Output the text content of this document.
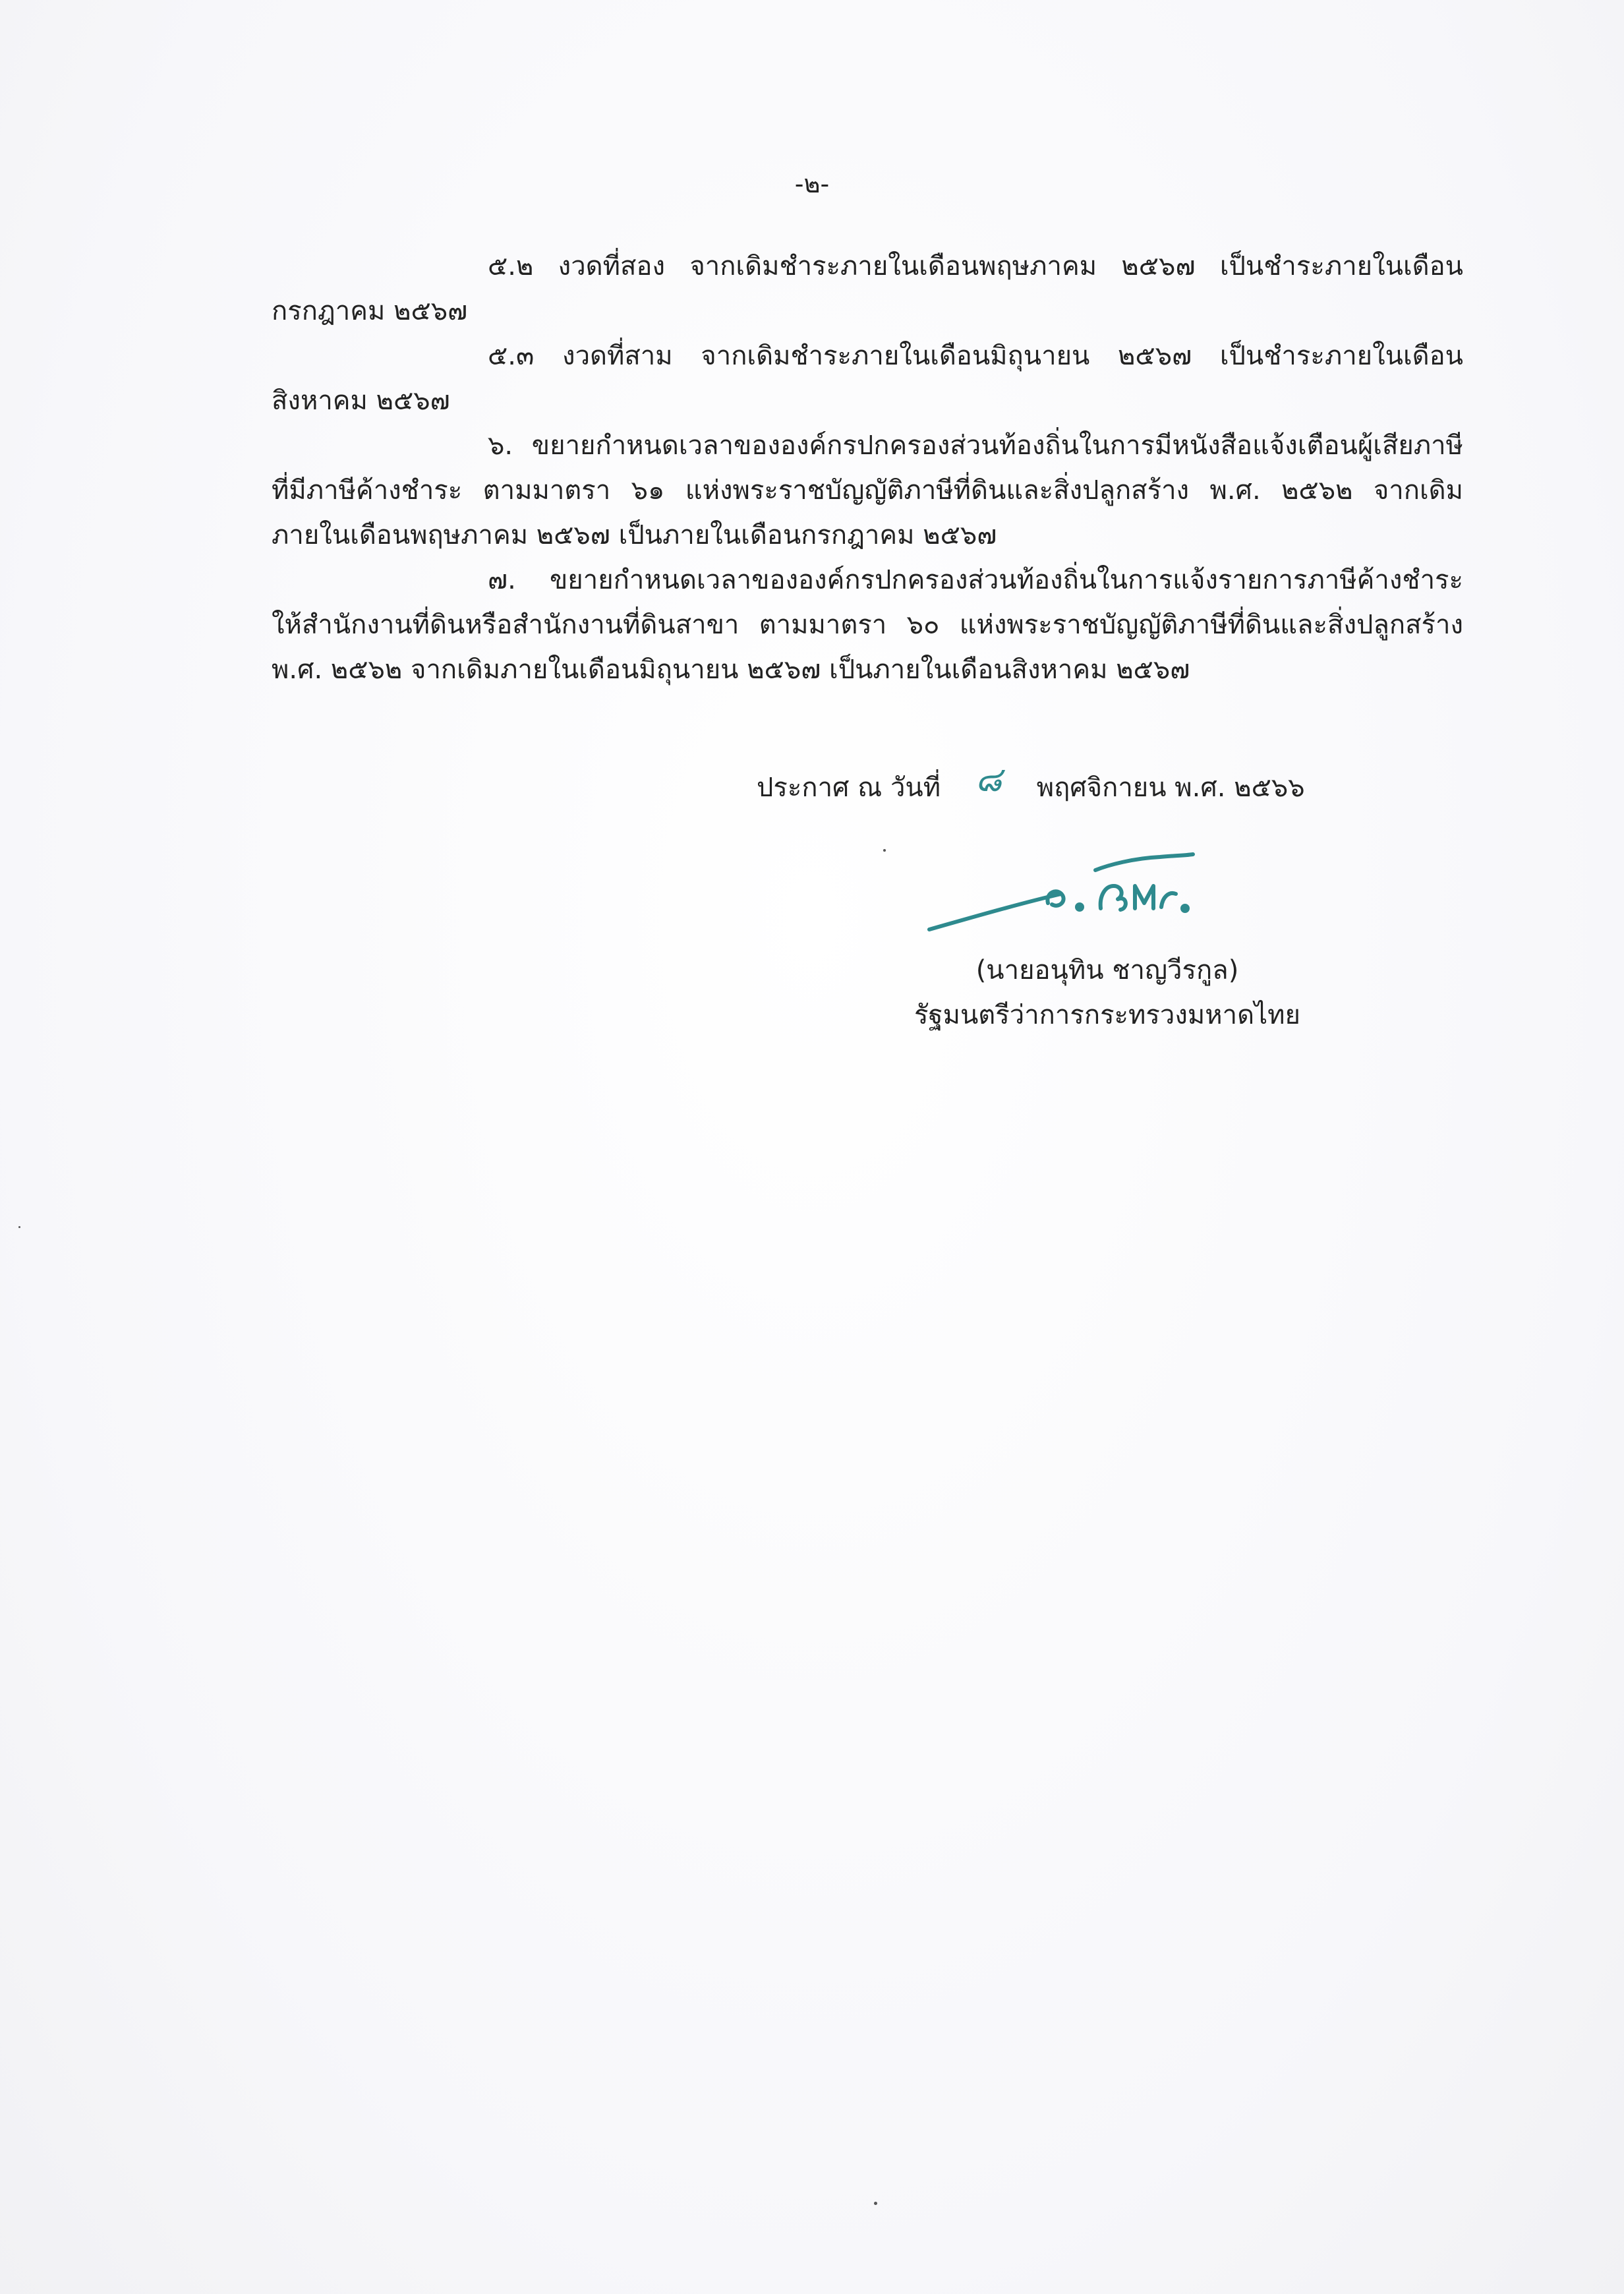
-๒-

๕.๒ งวดที่สอง จากเดิมชำระภายในเดือนพฤษภาคม ๒๕๖๗ เป็นชำระภายในเดือนกรกฎาคม ๒๕๖๗

๕.๓ งวดที่สาม จากเดิมชำระภายในเดือนมิถุนายน ๒๕๖๗ เป็นชำระภายในเดือนสิงหาคม ๒๕๖๗

๖. ขยายกำหนดเวลาขององค์กรปกครองส่วนท้องถิ่นในการมีหนังสือแจ้งเตือนผู้เสียภาษีที่มีภาษีค้างชำระ ตามมาตรา ๖๑ แห่งพระราชบัญญัติภาษีที่ดินและสิ่งปลูกสร้าง พ.ศ. ๒๕๖๒ จากเดิมภายในเดือนพฤษภาคม ๒๕๖๗ เป็นภายในเดือนกรกฎาคม ๒๕๖๗

๗. ขยายกำหนดเวลาขององค์กรปกครองส่วนท้องถิ่นในการแจ้งรายการภาษีค้างชำระให้สำนักงานที่ดินหรือสำนักงานที่ดินสาขา ตามมาตรา ๖๐ แห่งพระราชบัญญัติภาษีที่ดินและสิ่งปลูกสร้าง พ.ศ. ๒๕๖๒ จากเดิมภายในเดือนมิถุนายน ๒๕๖๗ เป็นภายในเดือนสิงหาคม ๒๕๖๗

ประกาศ ณ วันที่ ๘ พฤศจิกายน พ.ศ. ๒๕๖๖
(นายอนุทิน ชาญวีรกูล)
รัฐมนตรีว่าการกระทรวงมหาดไทย
